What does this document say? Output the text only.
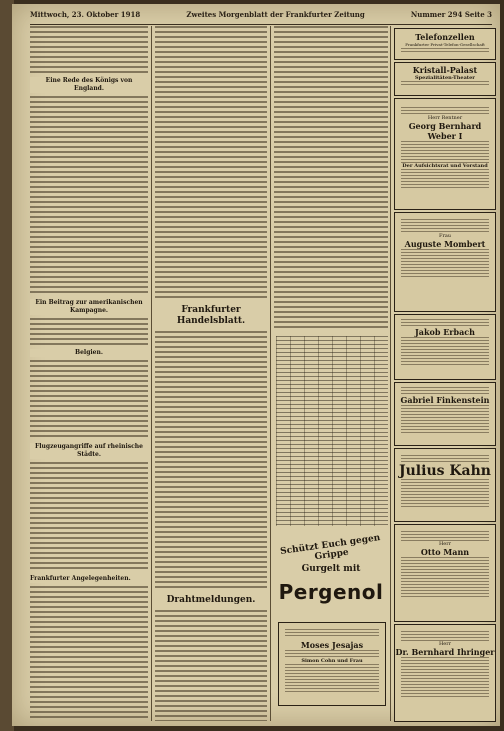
Mittwoch, 23. Oktober 1918	Zweites Morgenblatt der Frankfurter Zeitung	Nummer 294 Seite 3
Eine Rede des Königs von England.
Ein Beitrag zur amerikanischen Kampagne.
Belgien.
Flugzeugangriffe auf rheinische Städte.
Frankfurter Angelegenheiten.
Frankfurter Handelsblatt.
Drahtmeldungen.
Schützt Euch gegen Grippe
Gurgelt mit
Pergenol
Moses Jesajas
Simon Cohn und Frau
Telefonzellen
Frankfurter Privat-Telefon-Gesellschaft
Kristall-Palast
Spezialitäten-Theater
Herr Rentner
Georg Bernhard Weber I
Der Aufsichtsrat und Vorstand
Frau
Auguste Mombert
Jakob Erbach
Gabriel Finkenstein
Julius Kahn
Herr
Otto Mann
Herr
Dr. Bernhard Ihringer
